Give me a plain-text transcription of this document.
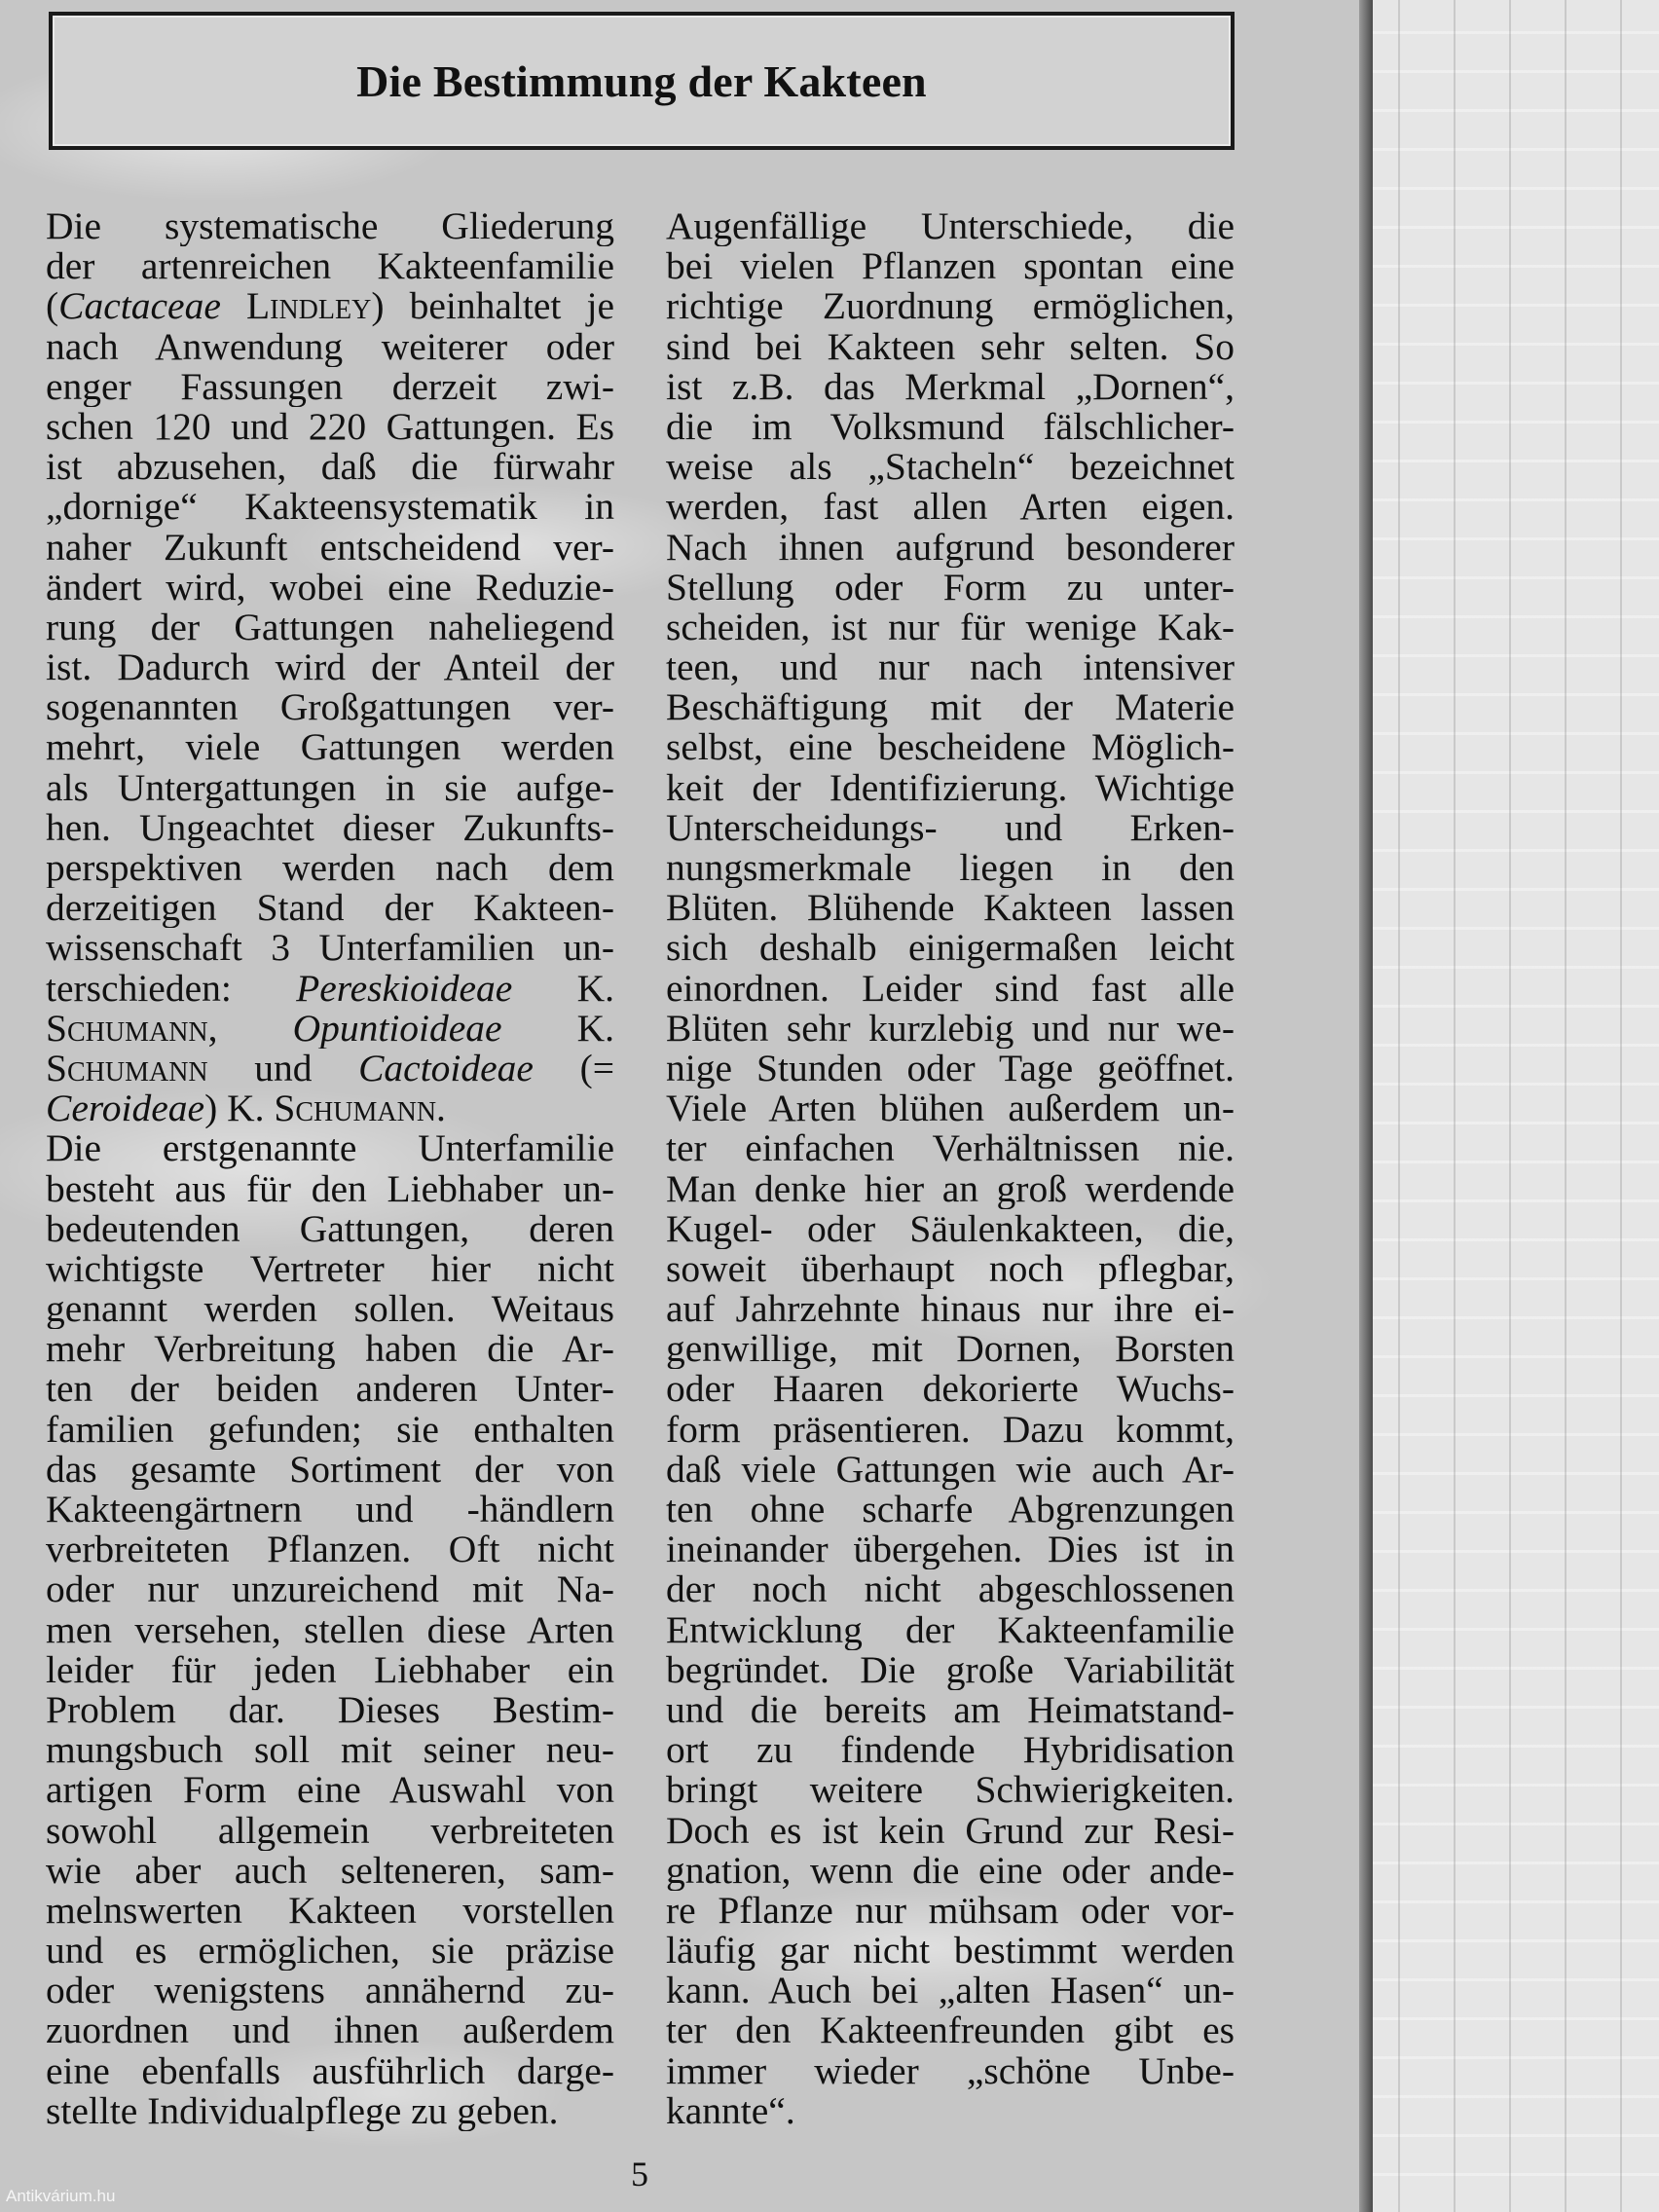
Die Bestimmung der Kakteen

Die systematische Gliederung

der artenreichen Kakteenfamilie

(Cactaceae Lindley) beinhaltet je

nach Anwendung weiterer oder

enger Fassungen derzeit zwi-

schen 120 und 220 Gattungen. Es

ist abzusehen, daß die fürwahr

„dornige“ Kakteensystematik in

naher Zukunft entscheidend ver-

ändert wird, wobei eine Reduzie-

rung der Gattungen naheliegend

ist. Dadurch wird der Anteil der

sogenannten Großgattungen ver-

mehrt, viele Gattungen werden

als Untergattungen in sie aufge-

hen. Ungeachtet dieser Zukunfts-

perspektiven werden nach dem

derzeitigen Stand der Kakteen-

wissenschaft 3 Unterfamilien un-

terschieden: Pereskioideae K.

Schumann, Opuntioideae K.

Schumann und Cactoideae (=

Ceroideae) K. Schumann.

Die erstgenannte Unterfamilie

besteht aus für den Liebhaber un-

bedeutenden Gattungen, deren

wichtigste Vertreter hier nicht

genannt werden sollen. Weitaus

mehr Verbreitung haben die Ar-

ten der beiden anderen Unter-

familien gefunden; sie enthalten

das gesamte Sortiment der von

Kakteengärtnern und -händlern

verbreiteten Pflanzen. Oft nicht

oder nur unzureichend mit Na-

men versehen, stellen diese Arten

leider für jeden Liebhaber ein

Problem dar. Dieses Bestim-

mungsbuch soll mit seiner neu-

artigen Form eine Auswahl von

sowohl allgemein verbreiteten

wie aber auch selteneren, sam-

melnswerten Kakteen vorstellen

und es ermöglichen, sie präzise

oder wenigstens annähernd zu-

zuordnen und ihnen außerdem

eine ebenfalls ausführlich darge-

stellte Individualpflege zu geben.

Augenfällige Unterschiede, die

bei vielen Pflanzen spontan eine

richtige Zuordnung ermöglichen,

sind bei Kakteen sehr selten. So

ist z.B. das Merkmal „Dornen“,

die im Volksmund fälschlicher-

weise als „Stacheln“ bezeichnet

werden, fast allen Arten eigen.

Nach ihnen aufgrund besonderer

Stellung oder Form zu unter-

scheiden, ist nur für wenige Kak-

teen, und nur nach intensiver

Beschäftigung mit der Materie

selbst, eine bescheidene Möglich-

keit der Identifizierung. Wichtige

Unterscheidungs- und Erken-

nungsmerkmale liegen in den

Blüten. Blühende Kakteen lassen

sich deshalb einigermaßen leicht

einordnen. Leider sind fast alle

Blüten sehr kurzlebig und nur we-

nige Stunden oder Tage geöffnet.

Viele Arten blühen außerdem un-

ter einfachen Verhältnissen nie.

Man denke hier an groß werdende

Kugel- oder Säulenkakteen, die,

soweit überhaupt noch pflegbar,

auf Jahrzehnte hinaus nur ihre ei-

genwillige, mit Dornen, Borsten

oder Haaren dekorierte Wuchs-

form präsentieren. Dazu kommt,

daß viele Gattungen wie auch Ar-

ten ohne scharfe Abgrenzungen

ineinander übergehen. Dies ist in

der noch nicht abgeschlossenen

Entwicklung der Kakteenfamilie

begründet. Die große Variabilität

und die bereits am Heimatstand-

ort zu findende Hybridisation

bringt weitere Schwierigkeiten.

Doch es ist kein Grund zur Resi-

gnation, wenn die eine oder ande-

re Pflanze nur mühsam oder vor-

läufig gar nicht bestimmt werden

kann. Auch bei „alten Hasen“ un-

ter den Kakteenfreunden gibt es

immer wieder „schöne Unbe-

kannte“.

5
Antikvárium.hu
